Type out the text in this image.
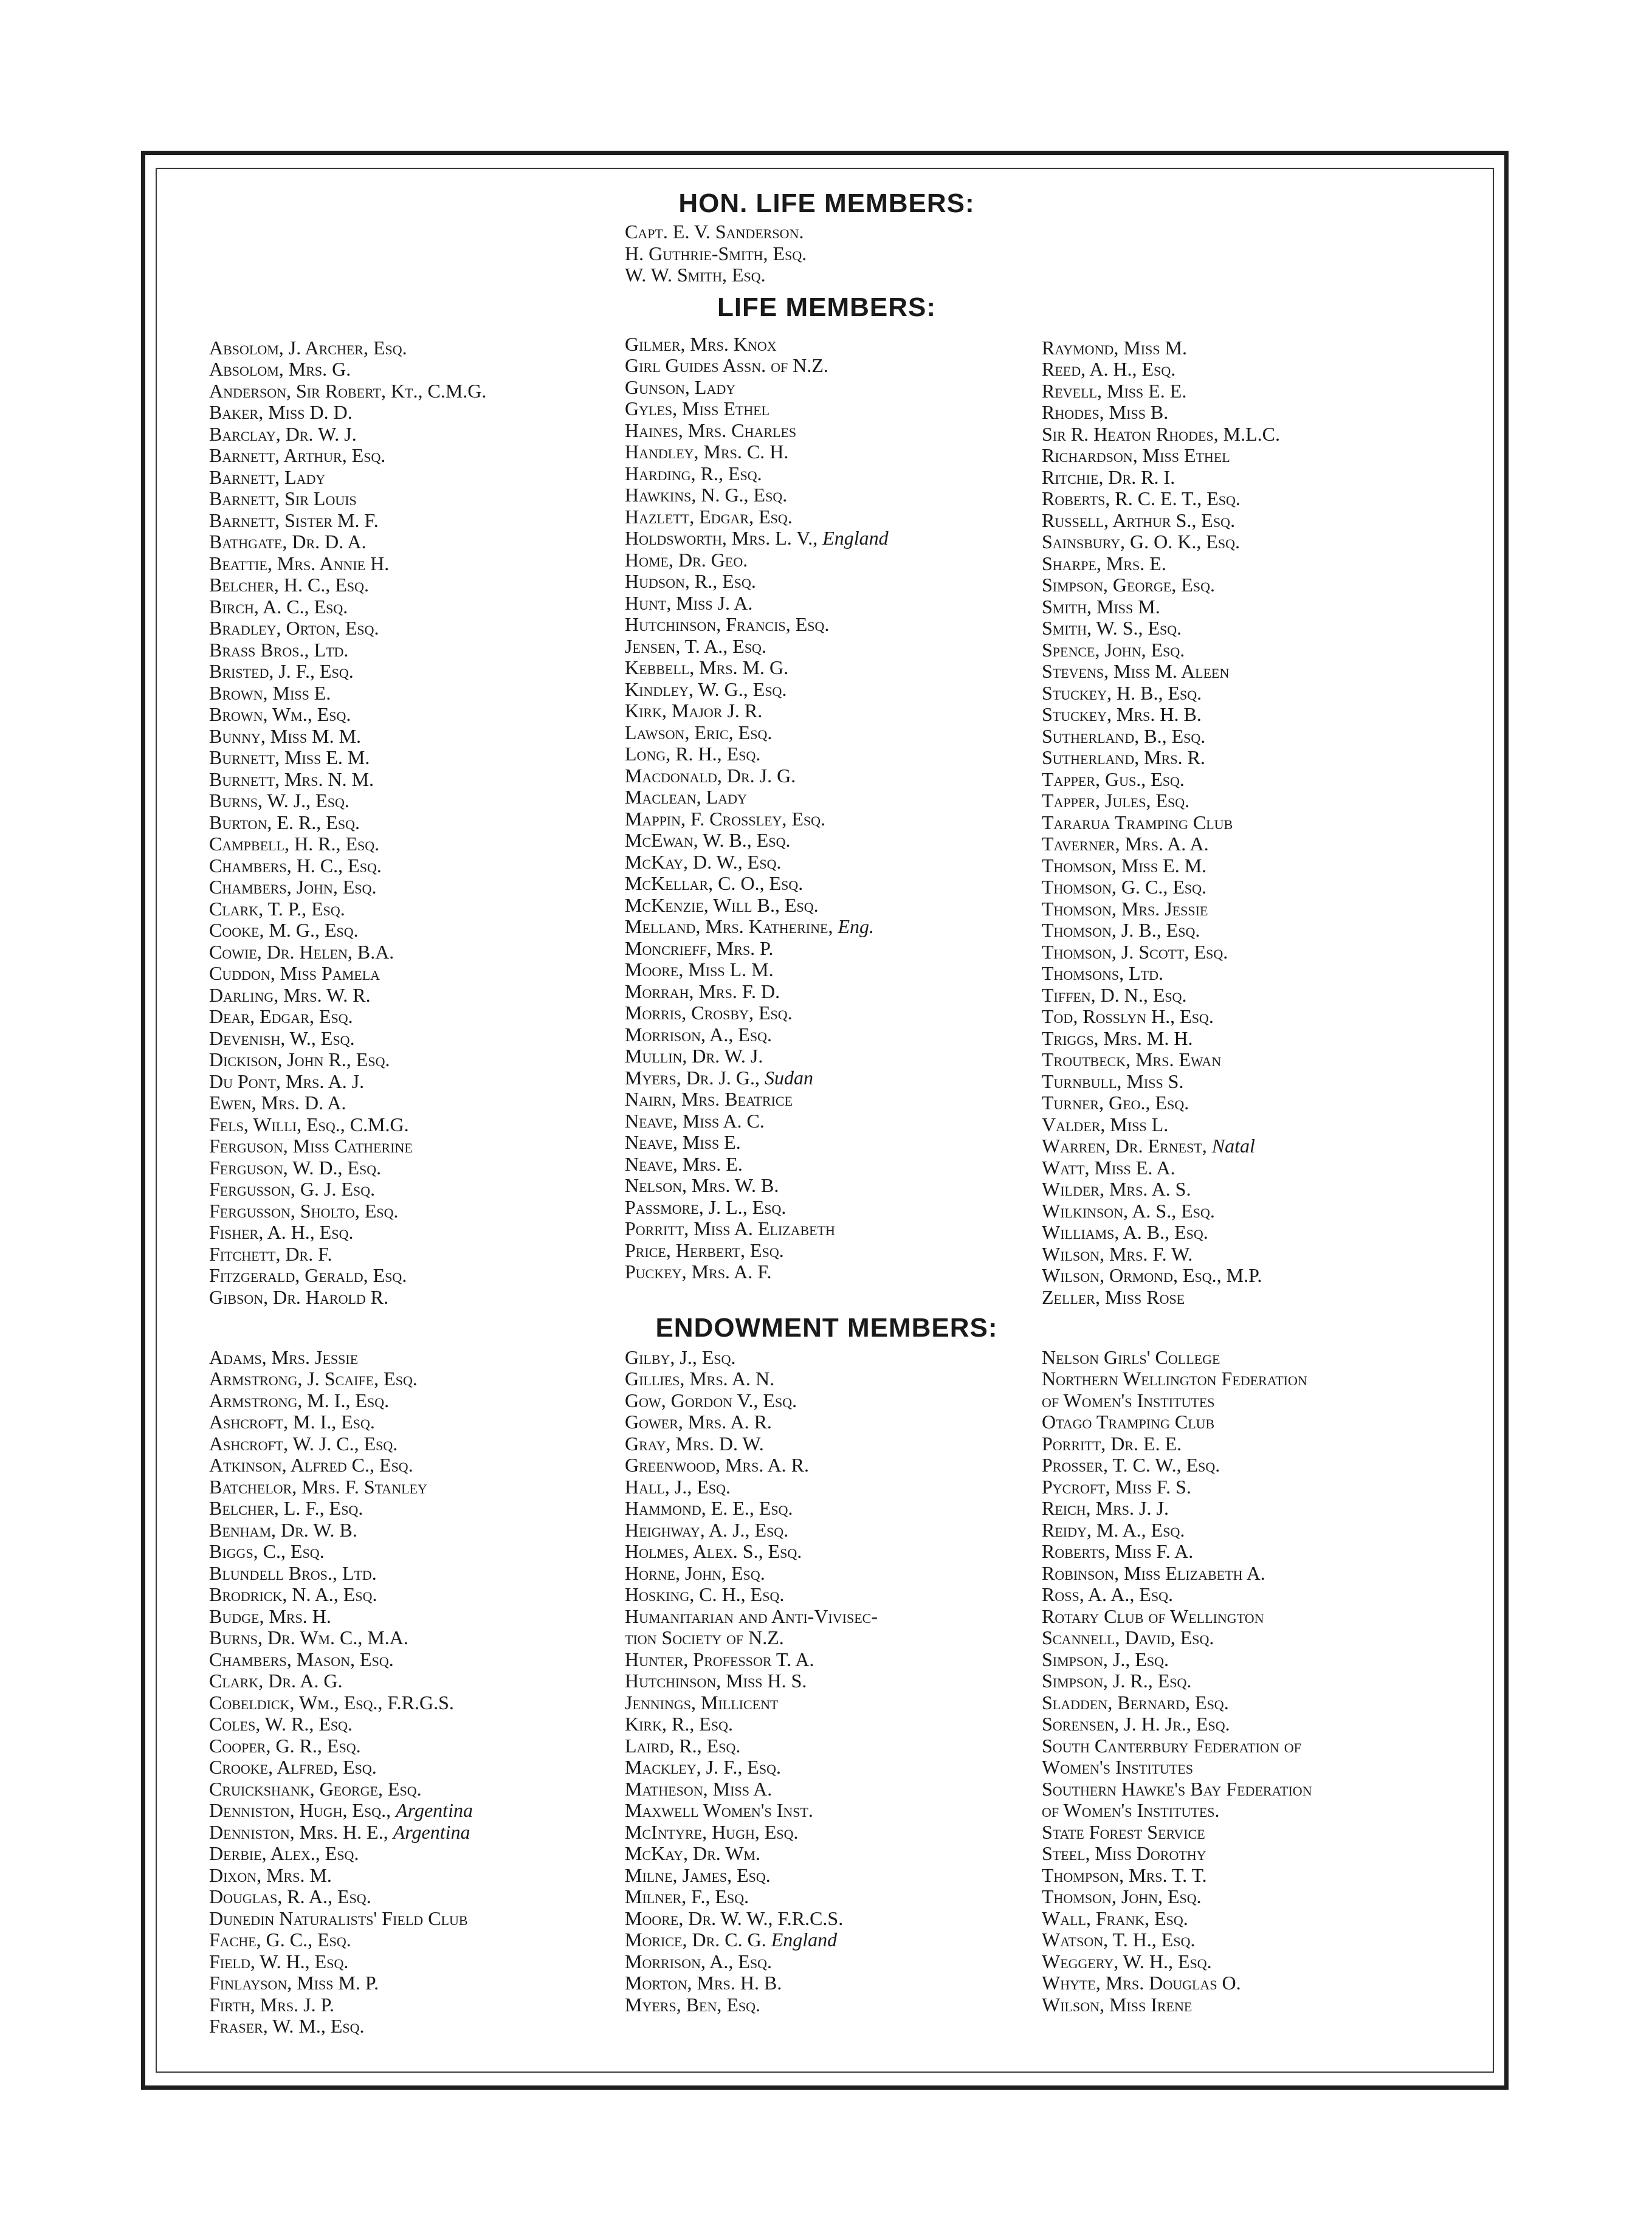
HON. LIFE MEMBERS:
Capt. E. V. Sanderson.
H. Guthrie-Smith, Esq.
W. W. Smith, Esq.
LIFE MEMBERS:
Absolom, J. Archer, Esq.
Absolom, Mrs. G.
Anderson, Sir Robert, Kt., C.M.G.
Baker, Miss D. D.
Barclay, Dr. W. J.
Barnett, Arthur, Esq.
Barnett, Lady
Barnett, Sir Louis
Barnett, Sister M. F.
Bathgate, Dr. D. A.
Beattie, Mrs. Annie H.
Belcher, H. C., Esq.
Birch, A. C., Esq.
Bradley, Orton, Esq.
Brass Bros., Ltd.
Bristed, J. F., Esq.
Brown, Miss E.
Brown, Wm., Esq.
Bunny, Miss M. M.
Burnett, Miss E. M.
Burnett, Mrs. N. M.
Burns, W. J., Esq.
Burton, E. R., Esq.
Campbell, H. R., Esq.
Chambers, H. C., Esq.
Chambers, John, Esq.
Clark, T. P., Esq.
Cooke, M. G., Esq.
Cowie, Dr. Helen, B.A.
Cuddon, Miss Pamela
Darling, Mrs. W. R.
Dear, Edgar, Esq.
Devenish, W., Esq.
Dickison, John R., Esq.
Du Pont, Mrs. A. J.
Ewen, Mrs. D. A.
Fels, Willi, Esq., C.M.G.
Ferguson, Miss Catherine
Ferguson, W. D., Esq.
Fergusson, G. J. Esq.
Fergusson, Sholto, Esq.
Fisher, A. H., Esq.
Fitchett, Dr. F.
Fitzgerald, Gerald, Esq.
Gibson, Dr. Harold R.
Gilmer, Mrs. Knox
Girl Guides Assn. of N.Z.
Gunson, Lady
Gyles, Miss Ethel
Haines, Mrs. Charles
Handley, Mrs. C. H.
Harding, R., Esq.
Hawkins, N. G., Esq.
Hazlett, Edgar, Esq.
Holdsworth, Mrs. L. V., England
Home, Dr. Geo.
Hudson, R., Esq.
Hunt, Miss J. A.
Hutchinson, Francis, Esq.
Jensen, T. A., Esq.
Kebbell, Mrs. M. G.
Kindley, W. G., Esq.
Kirk, Major J. R.
Lawson, Eric, Esq.
Long, R. H., Esq.
Macdonald, Dr. J. G.
Maclean, Lady
Mappin, F. Crossley, Esq.
McEwan, W. B., Esq.
McKay, D. W., Esq.
McKellar, C. O., Esq.
McKenzie, Will B., Esq.
Melland, Mrs. Katherine, Eng.
Moncrieff, Mrs. P.
Moore, Miss L. M.
Morrah, Mrs. F. D.
Morris, Crosby, Esq.
Morrison, A., Esq.
Mullin, Dr. W. J.
Myers, Dr. J. G., Sudan
Nairn, Mrs. Beatrice
Neave, Miss A. C.
Neave, Miss E.
Neave, Mrs. E.
Nelson, Mrs. W. B.
Passmore, J. L., Esq.
Porritt, Miss A. Elizabeth
Price, Herbert, Esq.
Puckey, Mrs. A. F.
Raymond, Miss M.
Reed, A. H., Esq.
Revell, Miss E. E.
Rhodes, Miss B.
Sir R. Heaton Rhodes, M.L.C.
Richardson, Miss Ethel
Ritchie, Dr. R. I.
Roberts, R. C. E. T., Esq.
Russell, Arthur S., Esq.
Sainsbury, G. O. K., Esq.
Sharpe, Mrs. E.
Simpson, George, Esq.
Smith, Miss M.
Smith, W. S., Esq.
Spence, John, Esq.
Stevens, Miss M. Aleen
Stuckey, H. B., Esq.
Stuckey, Mrs. H. B.
Sutherland, B., Esq.
Sutherland, Mrs. R.
Tapper, Gus., Esq.
Tapper, Jules, Esq.
Tararua Tramping Club
Taverner, Mrs. A. A.
Thomson, Miss E. M.
Thomson, G. C., Esq.
Thomson, Mrs. Jessie
Thomson, J. B., Esq.
Thomson, J. Scott, Esq.
Thomsons, Ltd.
Tiffen, D. N., Esq.
Tod, Rosslyn H., Esq.
Triggs, Mrs. M. H.
Troutbeck, Mrs. Ewan
Turnbull, Miss S.
Turner, Geo., Esq.
Valder, Miss L.
Warren, Dr. Ernest, Natal
Watt, Miss E. A.
Wilder, Mrs. A. S.
Wilkinson, A. S., Esq.
Williams, A. B., Esq.
Wilson, Mrs. F. W.
Wilson, Ormond, Esq., M.P.
Zeller, Miss Rose
ENDOWMENT MEMBERS:
Adams, Mrs. Jessie
Armstrong, J. Scaife, Esq.
Armstrong, M. I., Esq.
Ashcroft, M. I., Esq.
Ashcroft, W. J. C., Esq.
Atkinson, Alfred C., Esq.
Batchelor, Mrs. F. Stanley
Belcher, L. F., Esq.
Benham, Dr. W. B.
Biggs, C., Esq.
Blundell Bros., Ltd.
Brodrick, N. A., Esq.
Budge, Mrs. H.
Burns, Dr. Wm. C., M.A.
Chambers, Mason, Esq.
Clark, Dr. A. G.
Cobeldick, Wm., Esq., F.R.G.S.
Coles, W. R., Esq.
Cooper, G. R., Esq.
Crooke, Alfred, Esq.
Cruickshank, George, Esq.
Denniston, Hugh, Esq., Argentina
Denniston, Mrs. H. E., Argentina
Derbie, Alex., Esq.
Dixon, Mrs. M.
Douglas, R. A., Esq.
Dunedin Naturalists' Field Club
Fache, G. C., Esq.
Field, W. H., Esq.
Finlayson, Miss M. P.
Firth, Mrs. J. P.
Fraser, W. M., Esq.
Gilby, J., Esq.
Gillies, Mrs. A. N.
Gow, Gordon V., Esq.
Gower, Mrs. A. R.
Gray, Mrs. D. W.
Greenwood, Mrs. A. R.
Hall, J., Esq.
Hammond, E. E., Esq.
Heighway, A. J., Esq.
Holmes, Alex. S., Esq.
Horne, John, Esq.
Hosking, C. H., Esq.
Humanitarian and Anti-Vivisec-
tion Society of N.Z.
Hunter, Professor T. A.
Hutchinson, Miss H. S.
Jennings, Millicent
Kirk, R., Esq.
Laird, R., Esq.
Mackley, J. F., Esq.
Matheson, Miss A.
Maxwell Women's Inst.
McIntyre, Hugh, Esq.
McKay, Dr. Wm.
Milne, James, Esq.
Milner, F., Esq.
Moore, Dr. W. W., F.R.C.S.
Morice, Dr. C. G. England
Morrison, A., Esq.
Morton, Mrs. H. B.
Myers, Ben, Esq.
Nelson Girls' College
Northern Wellington Federation
of Women's Institutes
Otago Tramping Club
Porritt, Dr. E. E.
Prosser, T. C. W., Esq.
Pycroft, Miss F. S.
Reich, Mrs. J. J.
Reidy, M. A., Esq.
Roberts, Miss F. A.
Robinson, Miss Elizabeth A.
Ross, A. A., Esq.
Rotary Club of Wellington
Scannell, David, Esq.
Simpson, J., Esq.
Simpson, J. R., Esq.
Sladden, Bernard, Esq.
Sorensen, J. H. Jr., Esq.
South Canterbury Federation of
Women's Institutes
Southern Hawke's Bay Federation
of Women's Institutes.
State Forest Service
Steel, Miss Dorothy
Thompson, Mrs. T. T.
Thomson, John, Esq.
Wall, Frank, Esq.
Watson, T. H., Esq.
Weggery, W. H., Esq.
Whyte, Mrs. Douglas O.
Wilson, Miss Irene
